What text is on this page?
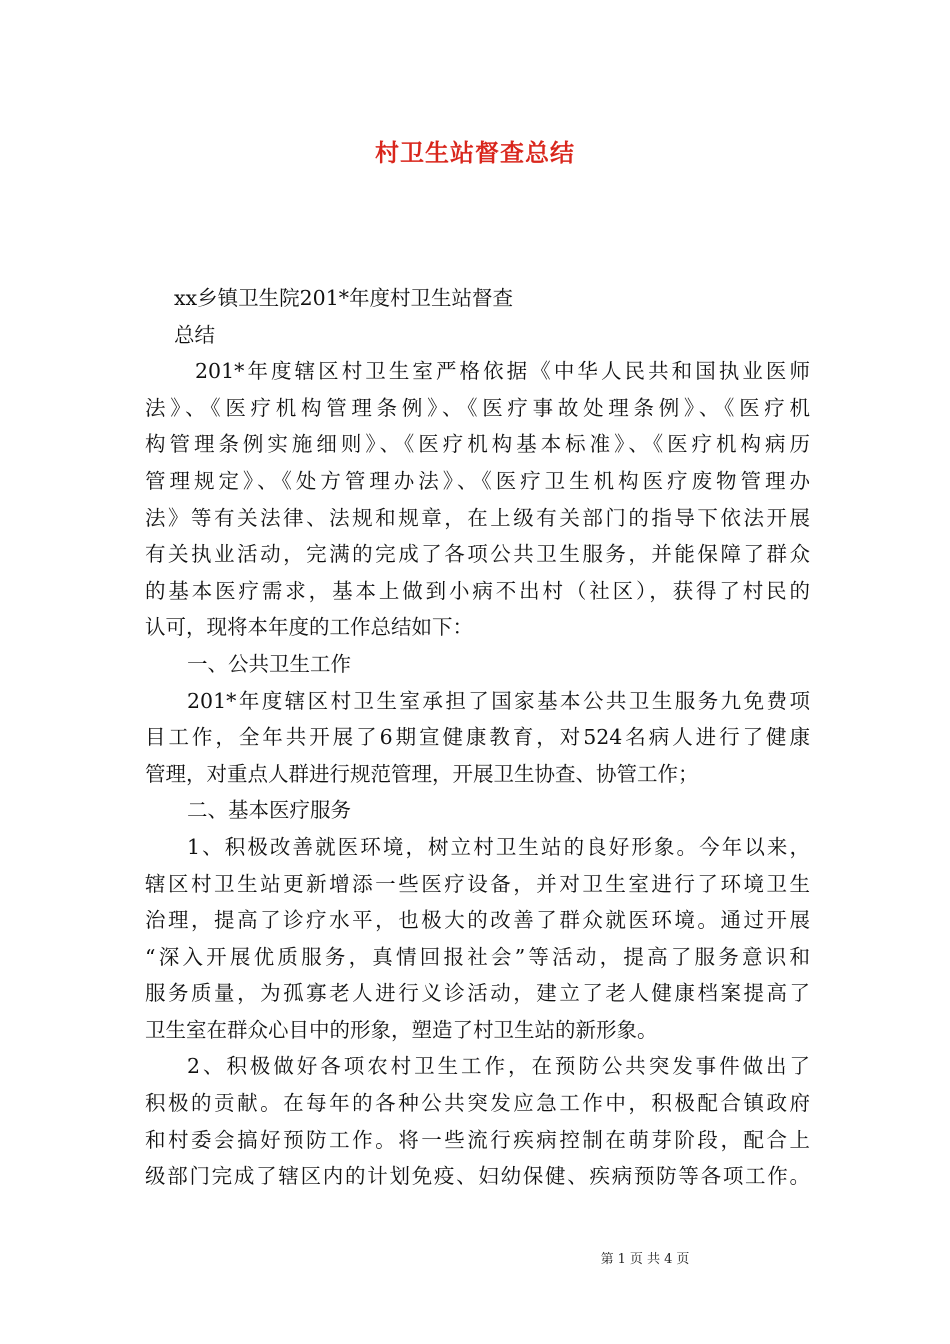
村卫生站督查总结
xx乡镇卫生院201*年度村卫生站督查
总结
201*年度辖区村卫生室严格依据《中华人民共和国执业医师
法》、《医疗机构管理条例》、《医疗事故处理条例》、《医疗机
构管理条例实施细则》、《医疗机构基本标准》、《医疗机构病历
管理规定》、《处方管理办法》、《医疗卫生机构医疗废物管理办
法》等有关法律、法规和规章，在上级有关部门的指导下依法开展
有关执业活动，完满的完成了各项公共卫生服务，并能保障了群众
的基本医疗需求，基本上做到小病不出村（社区），获得了村民的
认可，现将本年度的工作总结如下：
一、公共卫生工作
201*年度辖区村卫生室承担了国家基本公共卫生服务九免费项
目工作，全年共开展了6期宣健康教育，对524名病人进行了健康
管理，对重点人群进行规范管理，开展卫生协查、协管工作；
二、基本医疗服务
1、积极改善就医环境，树立村卫生站的良好形象。今年以来，
辖区村卫生站更新增添一些医疗设备，并对卫生室进行了环境卫生
治理，提高了诊疗水平，也极大的改善了群众就医环境。通过开展
“深入开展优质服务，真情回报社会”等活动，提高了服务意识和
服务质量，为孤寡老人进行义诊活动，建立了老人健康档案提高了
卫生室在群众心目中的形象，塑造了村卫生站的新形象。
2、积极做好各项农村卫生工作，在预防公共突发事件做出了
积极的贡献。在每年的各种公共突发应急工作中，积极配合镇政府
和村委会搞好预防工作。将一些流行疾病控制在萌芽阶段，配合上
级部门完成了辖区内的计划免疫、妇幼保健、疾病预防等各项工作。
第 1 页 共 4 页
